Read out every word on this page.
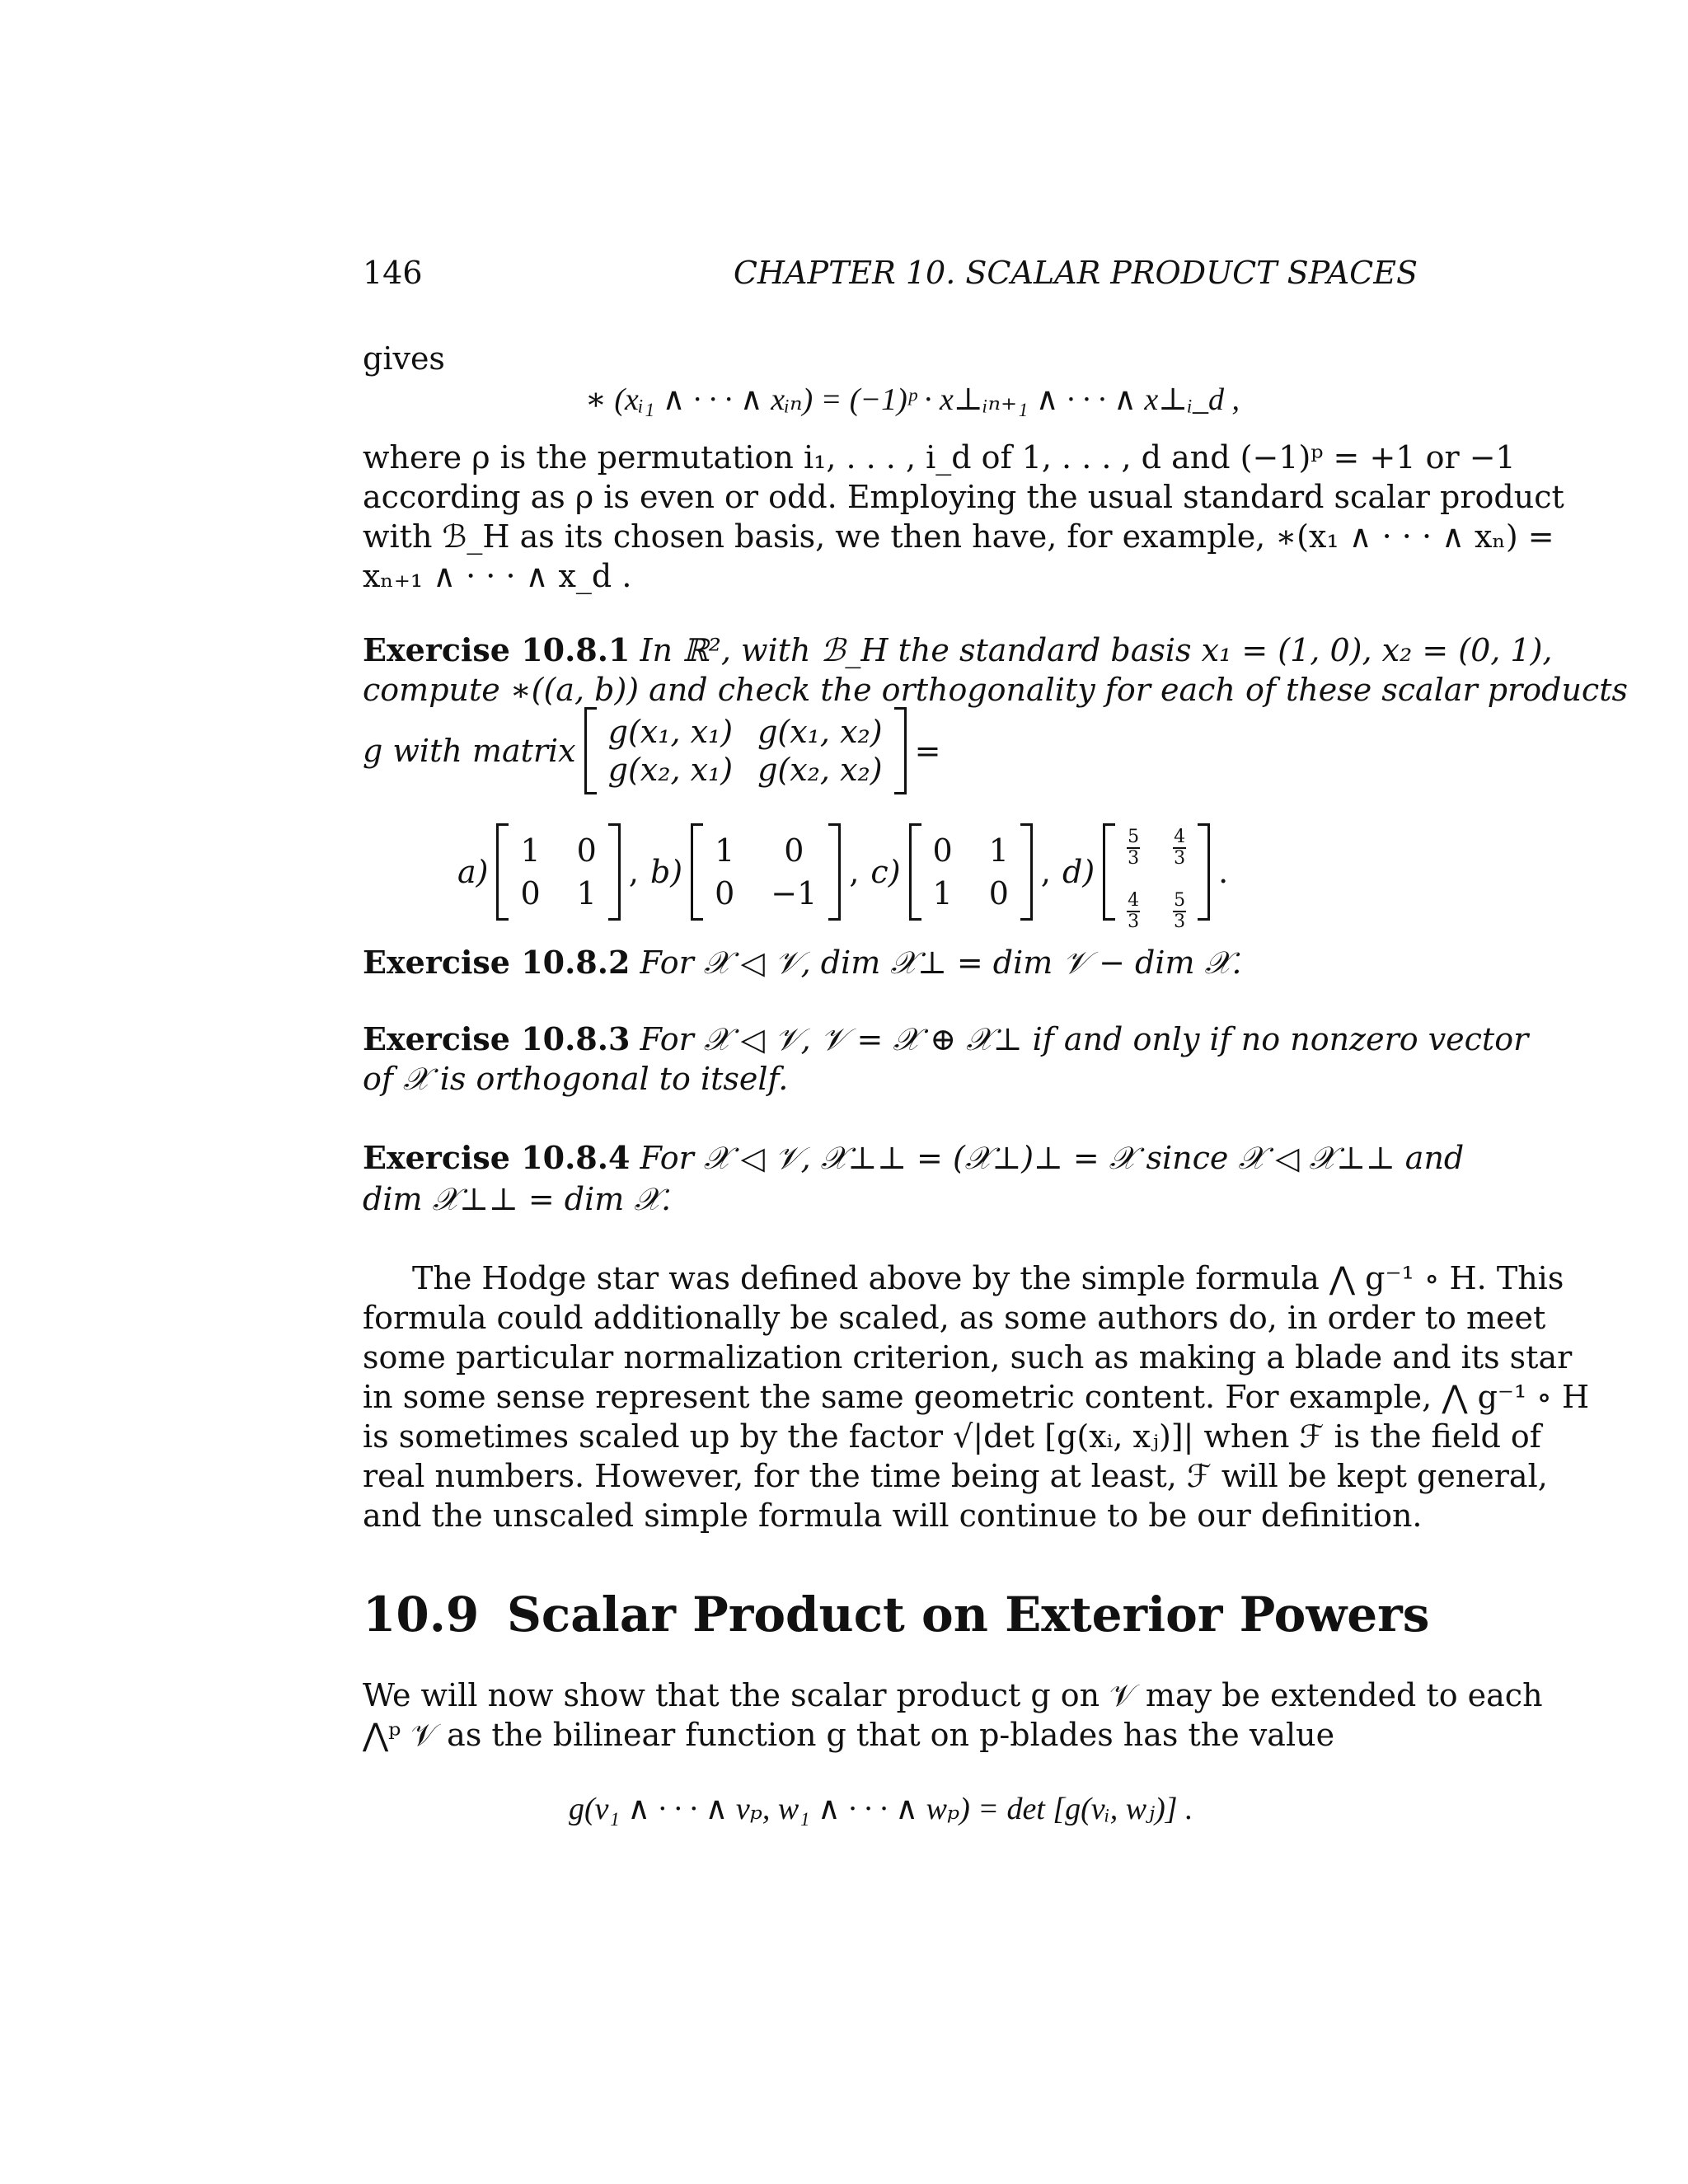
146	CHAPTER 10. SCALAR PRODUCT SPACES
gives
∗ (xᵢ₁ ∧ · · · ∧ xᵢₙ) = (−1)ᵖ · x⊥ᵢₙ₊₁ ∧ · · · ∧ x⊥ᵢ_d ,
where ρ is the permutation i₁, . . . , i_d of 1, . . . , d and (−1)ᵖ = +1 or −1
according as ρ is even or odd. Employing the usual standard scalar product
with ℬ_H as its chosen basis, we then have, for example, ∗(x₁ ∧ · · · ∧ xₙ) =
xₙ₊₁ ∧ · · · ∧ x_d .
Exercise 10.8.1 In ℝ², with ℬ_H the standard basis x₁ = (1, 0), x₂ = (0, 1),
compute ∗((a, b)) and check the orthogonality for each of these scalar products
g with matrix
g(x₁, x₁) g(x₁, x₂)
g(x₂, x₁) g(x₂, x₂)
=
a)
1 0
0 1
, b)
1	0
0 −1
, c)
0 1
1 0
, d)
$\frac{5}{3} \frac{4}{3}$
$\frac{4}{3} \frac{5}{3}$
.
Exercise 10.8.2 For 𝒳 ◁ 𝒱, dim 𝒳⊥ = dim 𝒱 − dim 𝒳.
Exercise 10.8.3 For 𝒳 ◁ 𝒱, 𝒱 = 𝒳 ⊕ 𝒳⊥ if and only if no nonzero vector
of 𝒳 is orthogonal to itself.
Exercise 10.8.4 For 𝒳 ◁ 𝒱, 𝒳⊥⊥ = (𝒳⊥)⊥ = 𝒳 since 𝒳 ◁ 𝒳⊥⊥ and
dim 𝒳⊥⊥ = dim 𝒳.
The Hodge star was defined above by the simple formula ⋀ g⁻¹ ∘ H. This
formula could additionally be scaled, as some authors do, in order to meet
some particular normalization criterion, such as making a blade and its star
in some sense represent the same geometric content. For example, ⋀ g⁻¹ ∘ H
is sometimes scaled up by the factor √|det [g(xᵢ, xⱼ)]| when ℱ is the field of
real numbers. However, for the time being at least, ℱ will be kept general,
and the unscaled simple formula will continue to be our definition.
10.9 Scalar Product on Exterior Powers
We will now show that the scalar product g on 𝒱 may be extended to each
⋀ᵖ 𝒱 as the bilinear function g that on p-blades has the value
g(v₁ ∧ · · · ∧ vₚ, w₁ ∧ · · · ∧ wₚ) = det [g(vᵢ, wⱼ)] .
